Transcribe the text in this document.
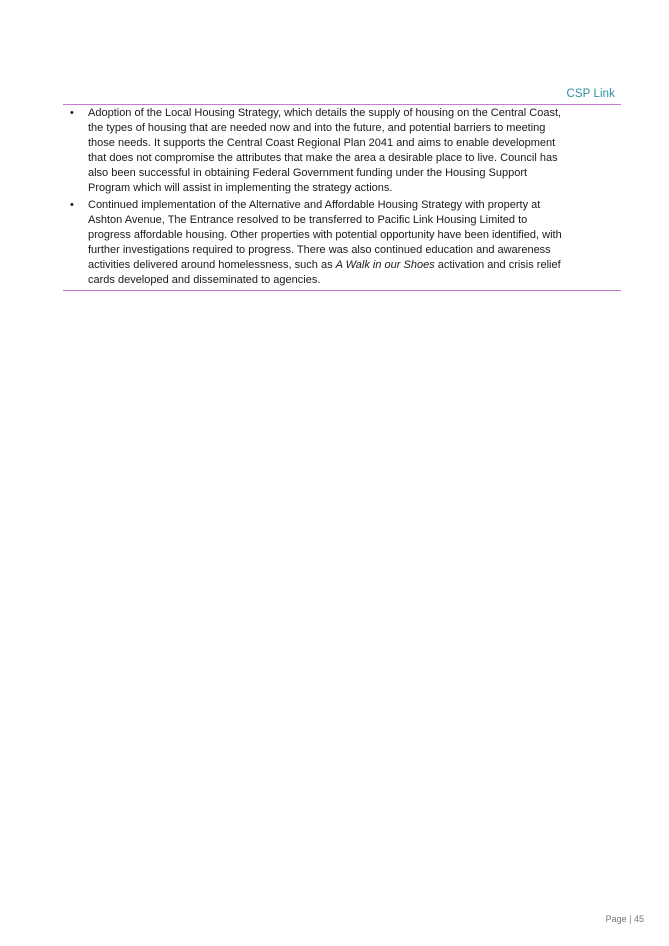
CSP Link
• Adoption of the Local Housing Strategy, which details the supply of housing on the Central Coast, the types of housing that are needed now and into the future, and potential barriers to meeting those needs. It supports the Central Coast Regional Plan 2041 and aims to enable development that does not compromise the attributes that make the area a desirable place to live. Council has also been successful in obtaining Federal Government funding under the Housing Support Program which will assist in implementing the strategy actions.
• Continued implementation of the Alternative and Affordable Housing Strategy with property at Ashton Avenue, The Entrance resolved to be transferred to Pacific Link Housing Limited to progress affordable housing. Other properties with potential opportunity have been identified, with further investigations required to progress. There was also continued education and awareness activities delivered around homelessness, such as A Walk in our Shoes activation and crisis relief cards developed and disseminated to agencies.
Page | 45
